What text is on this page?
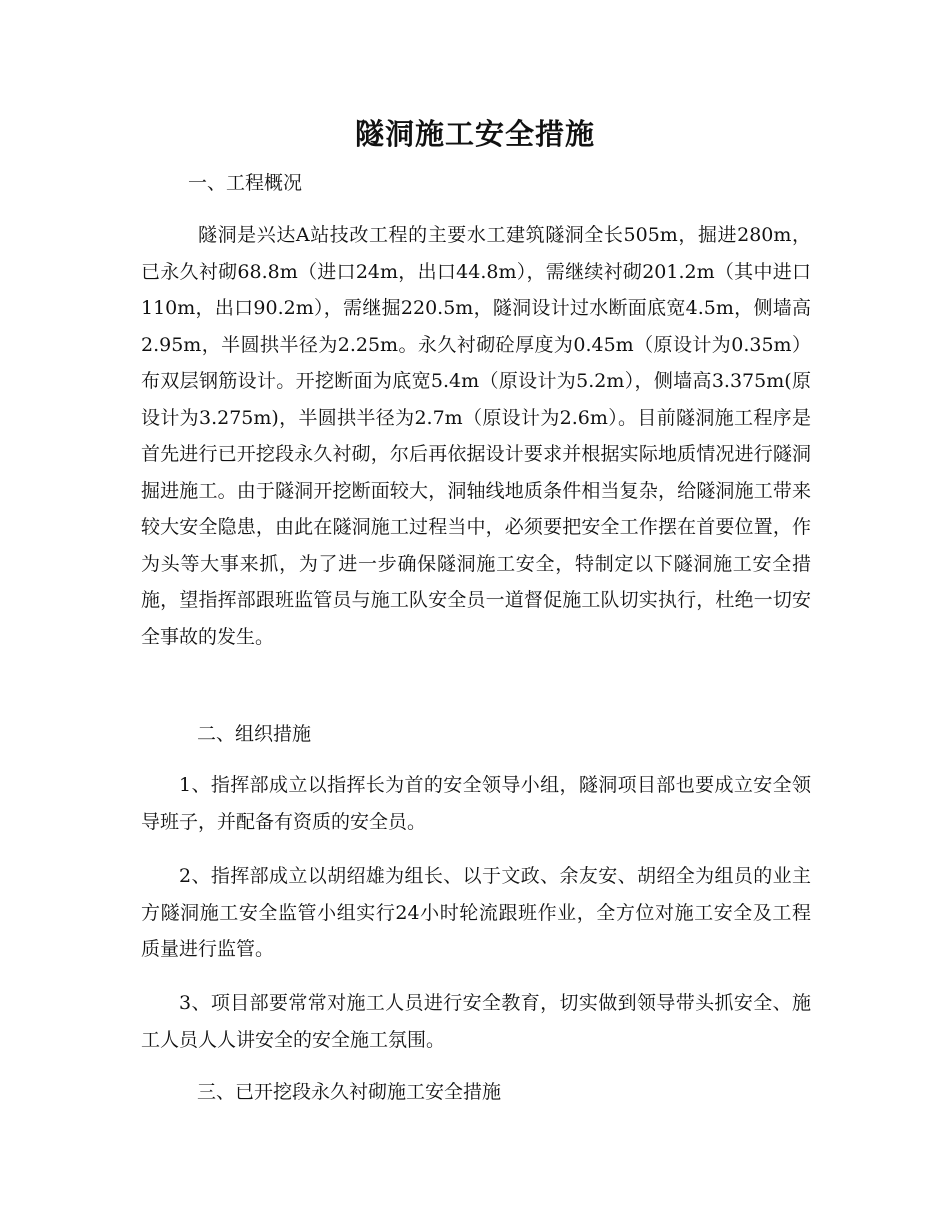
隧洞施工安全措施
一、工程概况
隧洞是兴达A站技改工程的主要水工建筑隧洞全长505m，掘进280m，已永久衬砌68.8m（进口24m，出口44.8m），需继续衬砌201.2m（其中进口110m，出口90.2m），需继掘220.5m，隧洞设计过水断面底宽4.5m，侧墙高2.95m，半圆拱半径为2.25m。永久衬砌砼厚度为0.45m（原设计为0.35m）布双层钢筋设计。开挖断面为底宽5.4m（原设计为5.2m），侧墙高3.375m(原设计为3.275m)，半圆拱半径为2.7m（原设计为2.6m）。目前隧洞施工程序是首先进行已开挖段永久衬砌，尔后再依据设计要求并根据实际地质情况进行隧洞掘进施工。由于隧洞开挖断面较大，洞轴线地质条件相当复杂，给隧洞施工带来较大安全隐患，由此在隧洞施工过程当中，必须要把安全工作摆在首要位置，作为头等大事来抓，为了进一步确保隧洞施工安全，特制定以下隧洞施工安全措施，望指挥部跟班监管员与施工队安全员一道督促施工队切实执行，杜绝一切安全事故的发生。
二、组织措施
1、指挥部成立以指挥长为首的安全领导小组，隧洞项目部也要成立安全领导班子，并配备有资质的安全员。
2、指挥部成立以胡绍雄为组长、以于文政、余友安、胡绍全为组员的业主方隧洞施工安全监管小组实行24小时轮流跟班作业，全方位对施工安全及工程质量进行监管。
3、项目部要常常对施工人员进行安全教育，切实做到领导带头抓安全、施工人员人人讲安全的安全施工氛围。
三、已开挖段永久衬砌施工安全措施
